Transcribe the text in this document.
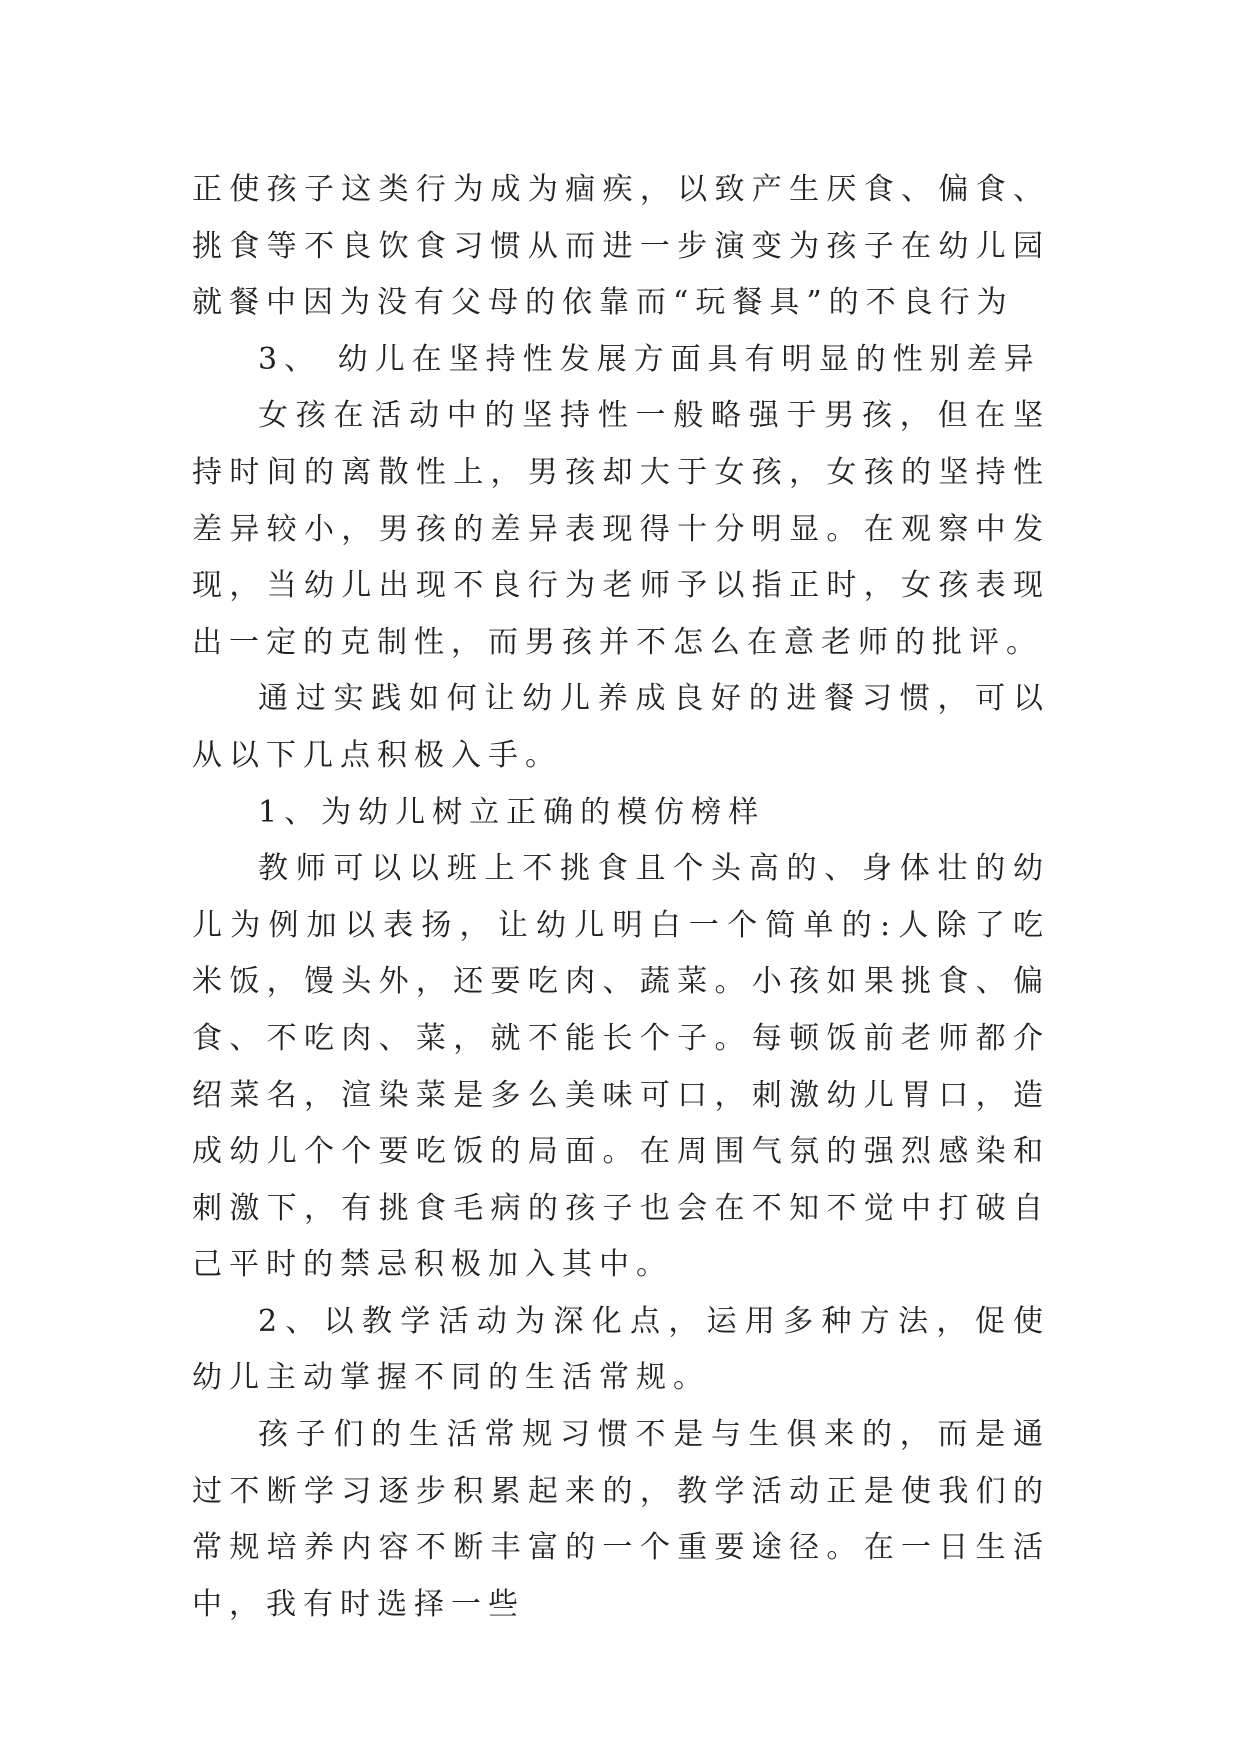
正使孩子这类行为成为痼疾，以致产生厌食、偏食、挑食等不良饮食习惯从而进一步演变为孩子在幼儿园就餐中因为没有父母的依靠而“玩餐具”的不良行为

3、 幼儿在坚持性发展方面具有明显的性别差异

女孩在活动中的坚持性一般略强于男孩，但在坚持时间的离散性上，男孩却大于女孩，女孩的坚持性差异较小，男孩的差异表现得十分明显。在观察中发现，当幼儿出现不良行为老师予以指正时，女孩表现出一定的克制性，而男孩并不怎么在意老师的批评。

通过实践如何让幼儿养成良好的进餐习惯，可以从以下几点积极入手。

1、为幼儿树立正确的模仿榜样

教师可以以班上不挑食且个头高的、身体壮的幼儿为例加以表扬，让幼儿明白一个简单的:人除了吃米饭，馒头外，还要吃肉、蔬菜。小孩如果挑食、偏食、不吃肉、菜，就不能长个子。每顿饭前老师都介绍菜名，渲染菜是多么美味可口，刺激幼儿胃口，造成幼儿个个要吃饭的局面。在周围气氛的强烈感染和刺激下，有挑食毛病的孩子也会在不知不觉中打破自己平时的禁忌积极加入其中。

2、以教学活动为深化点，运用多种方法，促使幼儿主动掌握不同的生活常规。

孩子们的生活常规习惯不是与生俱来的，而是通过不断学习逐步积累起来的，教学活动正是使我们的常规培养内容不断丰富的一个重要途径。在一日生活中，我有时选择一些
